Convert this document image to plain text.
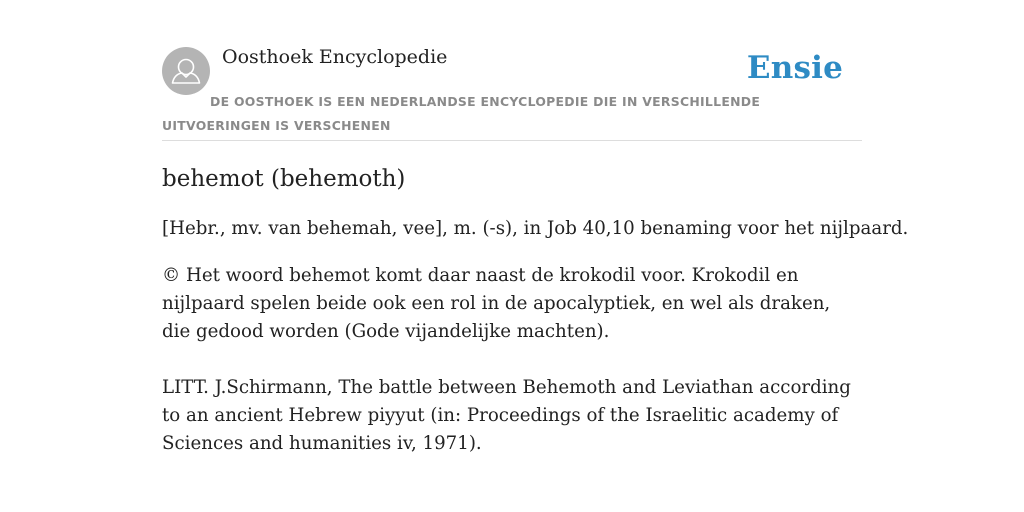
Oosthoek Encyclopedie	Ensie
DE OOSTHOEK IS EEN NEDERLANDSE ENCYCLOPEDIE DIE IN VERSCHILLENDE UITVOERINGEN IS VERSCHENEN
behemot (behemoth)

[Hebr., mv. van behemah, vee], m. (-s), in Job 40,10 benaming voor het nijlpaard.

© Het woord behemot komt daar naast de krokodil voor. Krokodil en nijlpaard spelen beide ook een rol in de apocalyptiek, en wel als draken, die gedood worden (Gode vijandelijke machten).

LITT. J.Schirmann, The battle between Behemoth and Leviathan according to an ancient Hebrew piyyut (in: Proceedings of the Israelitic academy of Sciences and humanities iv, 1971).
